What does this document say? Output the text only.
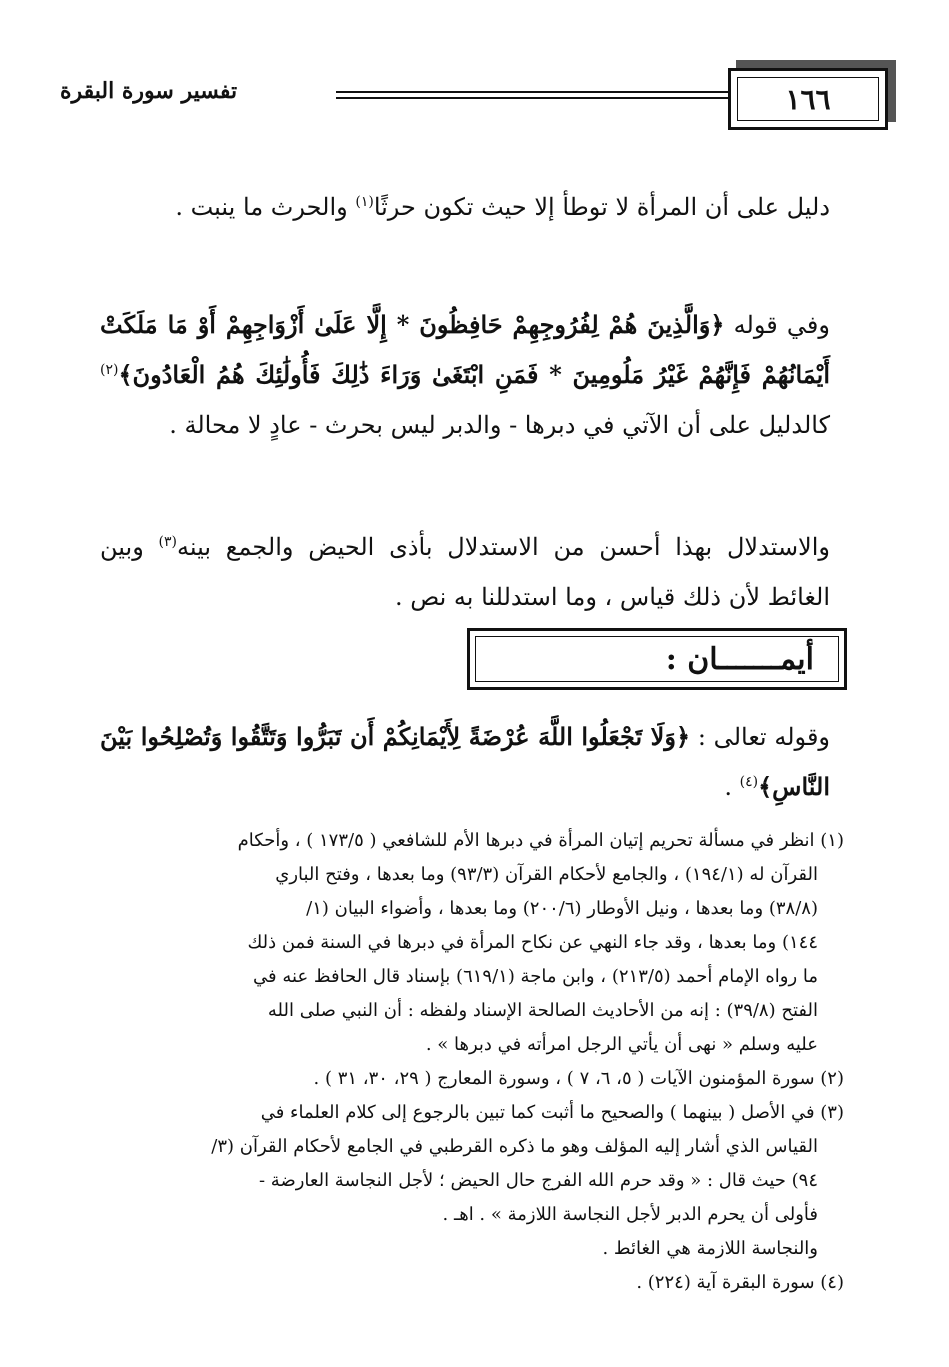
١٦٦
تفسير سورة البقرة
دليل على أن المرأة لا توطأ إلا حيث تكون حرثًا$^{(١)}$ والحرث ما ينبت .
وفي قوله ﴿وَالَّذِينَ هُمْ لِفُرُوجِهِمْ حَافِظُونَ * إِلَّا عَلَىٰ أَزْوَاجِهِمْ أَوْ مَا مَلَكَتْ أَيْمَانُهُمْ فَإِنَّهُمْ غَيْرُ مَلُومِينَ * فَمَنِ ابْتَغَىٰ وَرَاءَ ذَٰلِكَ فَأُولَٰئِكَ هُمُ الْعَادُونَ﴾$^{(٢)}$ كالدليل على أن الآتي في دبرها - والدبر ليس بحرث - عادٍ لا محالة .
والاستدلال بهذا أحسن من الاستدلال بأذى الحيض والجمع بينه$^{(٣)}$ وبين الغائط لأن ذلك قياس ، وما استدللنا به نص .
أيمـــــــان :
وقوله تعالى : ﴿وَلَا تَجْعَلُوا اللَّهَ عُرْضَةً لِأَيْمَانِكُمْ أَن تَبَرُّوا وَتَتَّقُوا وَتُصْلِحُوا بَيْنَ النَّاسِ﴾$^{(٤)}$ .
(١) انظر في مسألة تحريم إتيان المرأة في دبرها الأم للشافعي ( ١٧٣/٥ ) ، وأحكام
القرآن له (١٩٤/١) ، والجامع لأحكام القرآن (٩٣/٣) وما بعدها ، وفتح الباري
(٣٨/٨) وما بعدها ، ونيل الأوطار (٢٠٠/٦) وما بعدها ، وأضواء البيان (١/
١٤٤) وما بعدها ، وقد جاء النهي عن نكاح المرأة في دبرها في السنة فمن ذلك
ما رواه الإمام أحمد (٢١٣/٥) ، وابن ماجة (٦١٩/١) بإسناد قال الحافظ عنه في
الفتح (٣٩/٨) : إنه من الأحاديث الصالحة الإسناد ولفظه : أن النبي صلى الله
عليه وسلم « نهى أن يأتي الرجل امرأته في دبرها » .
(٢) سورة المؤمنون الآيات ( ٥، ٦، ٧ ) ، وسورة المعارج ( ٢٩، ٣٠، ٣١ ) .
(٣) في الأصل ( بينهما ) والصحيح ما أثبت كما تبين بالرجوع إلى كلام العلماء في
القياس الذي أشار إليه المؤلف وهو ما ذكره القرطبي في الجامع لأحكام القرآن (٣/
٩٤) حيث قال : « وقد حرم الله الفرج حال الحيض ؛ لأجل النجاسة العارضة -
فأولى أن يحرم الدبر لأجل النجاسة اللازمة » . اهـ .
والنجاسة اللازمة هي الغائط .
(٤) سورة البقرة آية (٢٢٤) .
